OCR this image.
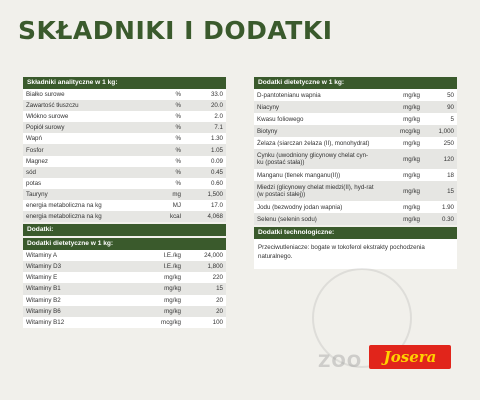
SKŁADNIKI I DODATKI
Składniki analityczne w 1 kg:
Białko surowe	%	33.0
Zawartość tłuszczu	%	20.0
Włókno surowe	%	2.0
Popiół surowy	%	7.1
Wapń	%	1.30
Fosfor	%	1.05
Magnez	%	0.09
sód	%	0.45
potas	%	0.60
Tauryny	mg	1,500
energia metaboliczna na kg	MJ	17.0
energia metaboliczna na kg	kcal	4,068
Dodatki:
Dodatki dietetyczne w 1 kg:
Witaminy A	I.E./kg	24,000
Witaminy D3	I.E./kg	1,800
Witaminy E	mg/kg	220
Witaminy B1	mg/kg	15
Witaminy B2	mg/kg	20
Witaminy B6	mg/kg	20
Witaminy B12	mcg/kg	100
Dodatki dietetyczne w 1 kg:
D-pantotenianu wapnia	mg/kg	50
Niacyny	mg/kg	90
Kwasu foliowego	mg/kg	5
Biotyny	mcg/kg	1,000
Żelaza (siarczan żelaza (II), monohydrat)	mg/kg	250
Cynku (uwodniony glicynowy chelat cyn-ku (postać stała))	mg/kg	120
Manganu (tlenek manganu(II))	mg/kg	18
Miedzi (glicynowy chelat miedzi(II), hyd-rat (w postaci stałej))	mg/kg	15
Jodu (bezwodny jodan wapnia)	mg/kg	1.90
Selenu (selenin sodu)	mg/kg	0.30
Dodatki technologiczne:
Przeciwutleniacze: bogate w tokoferol ekstrakty pochodzenia naturalnego.
ZOO	Josera
